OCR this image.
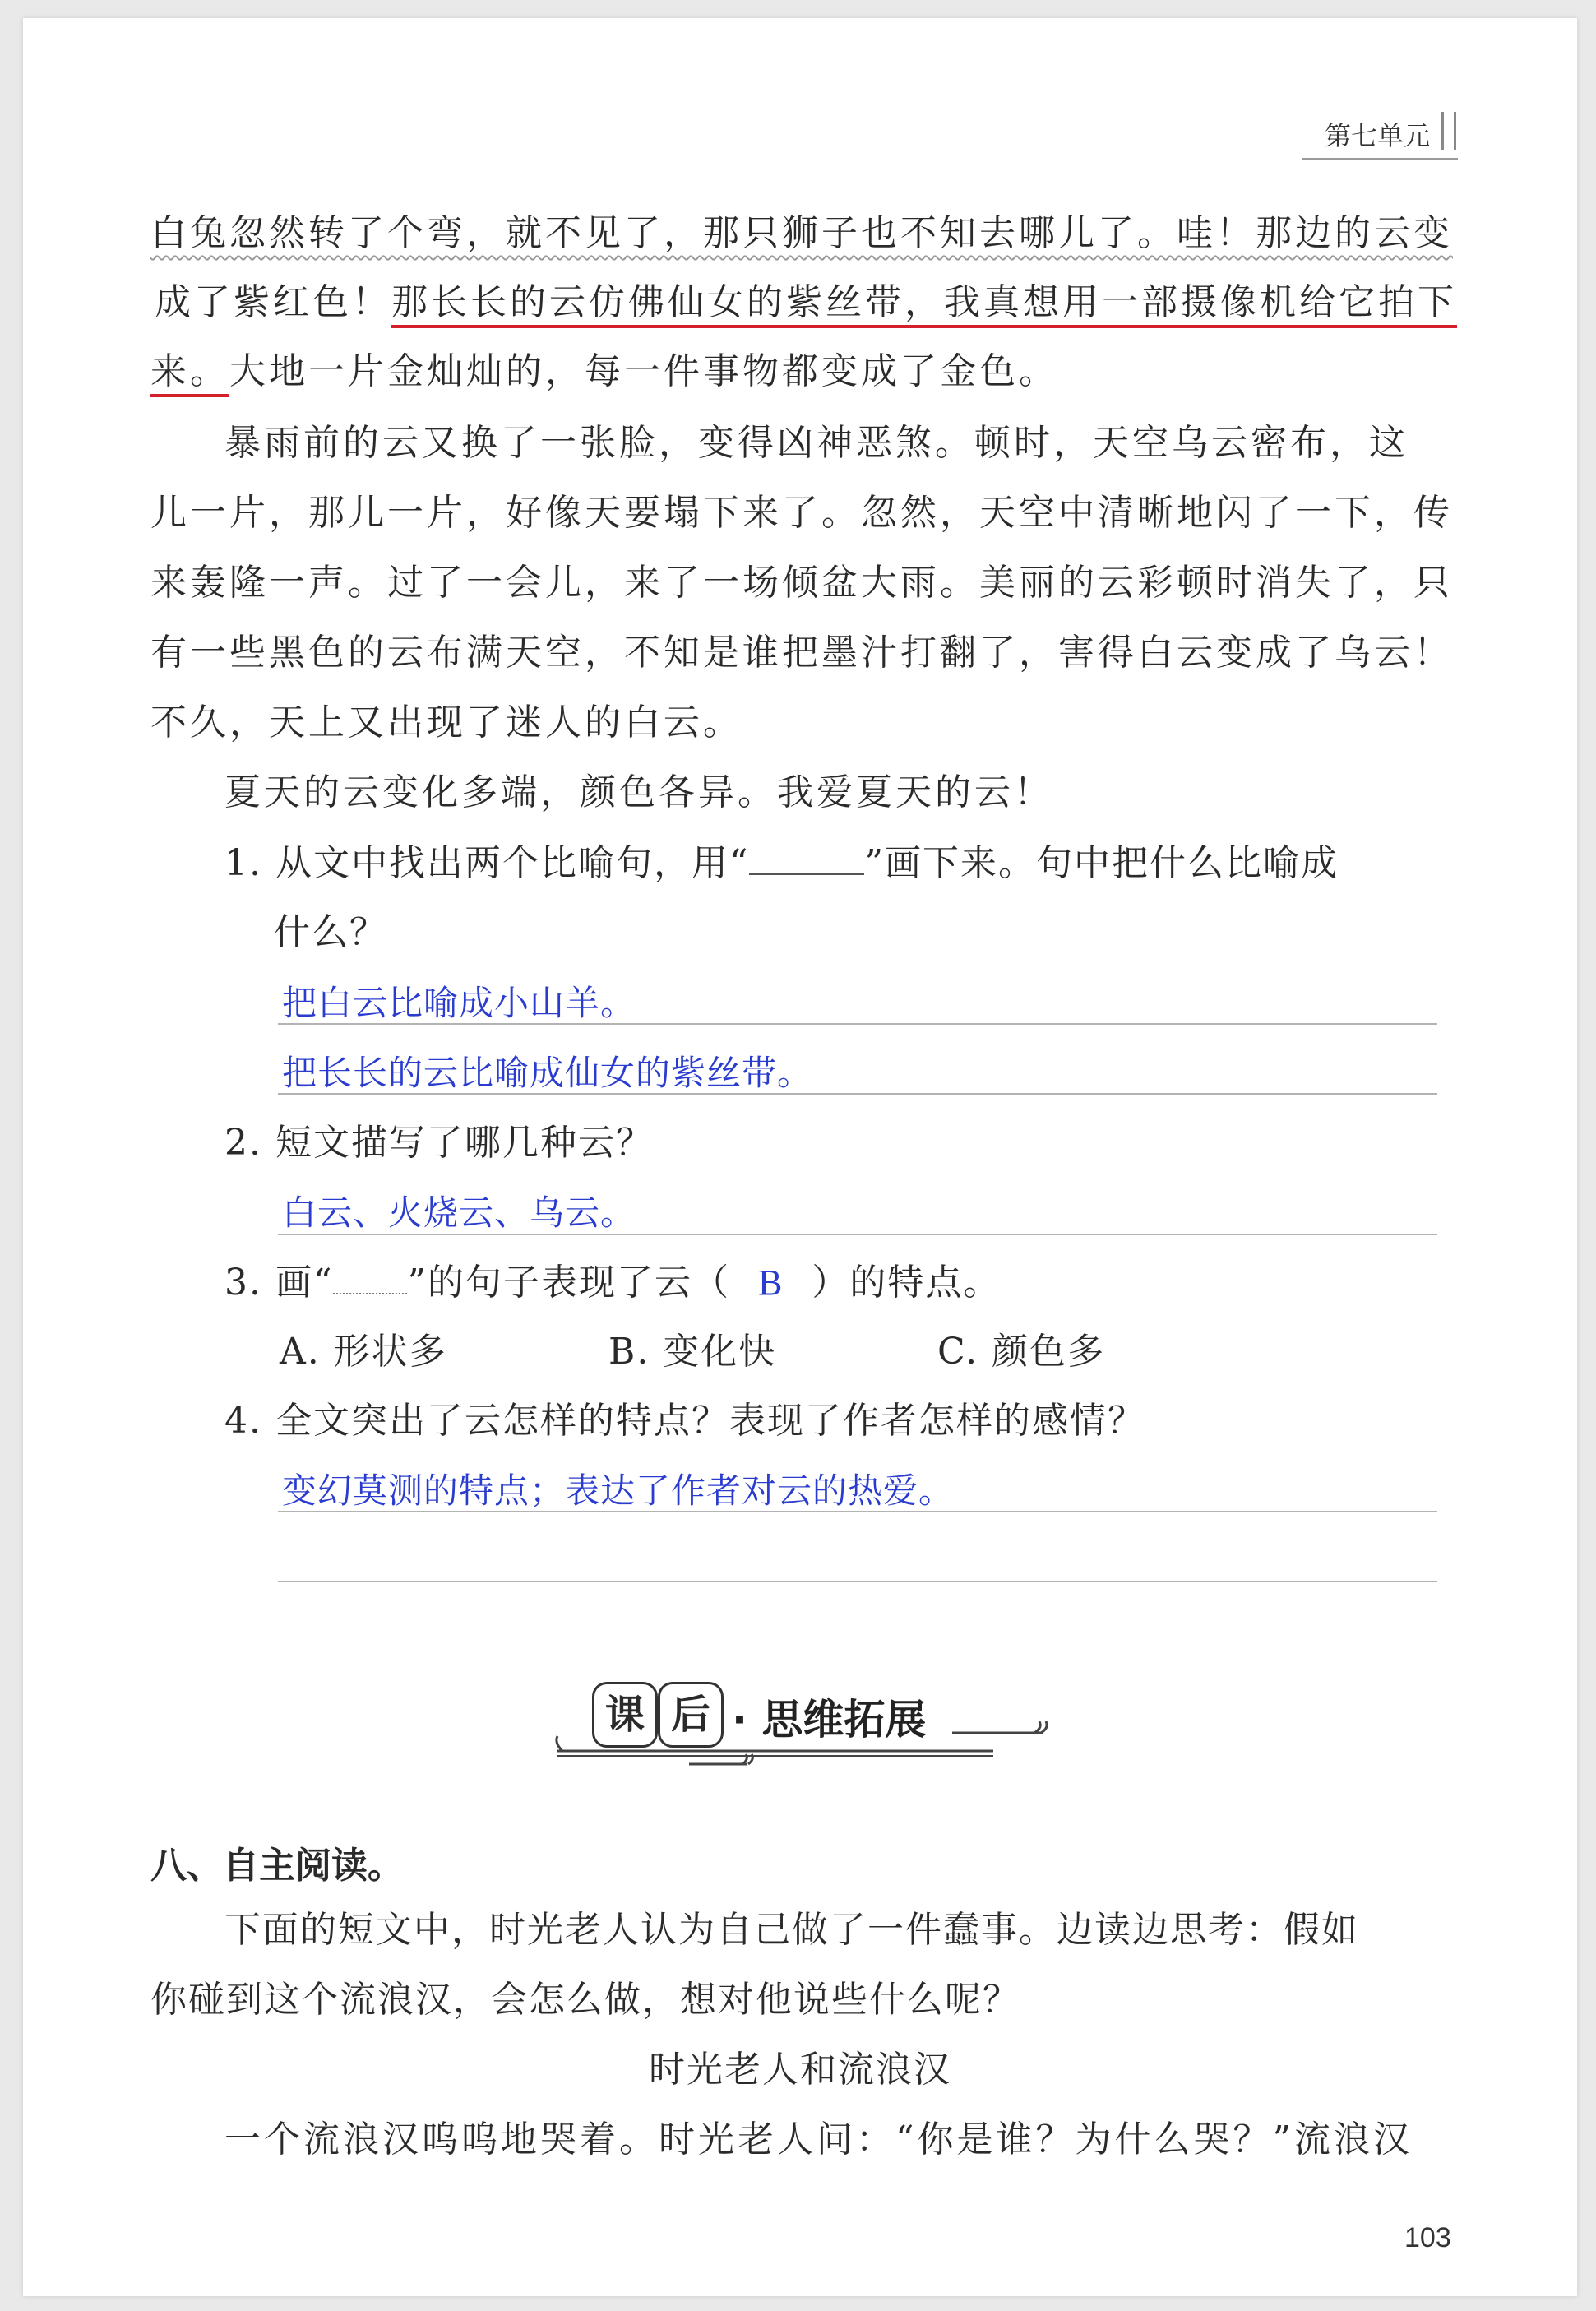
第七单元
白兔忽然转了个弯，就不见了，那只狮子也不知去哪儿了。哇！那边的云变
成了紫红色！那长长的云仿佛仙女的紫丝带，我真想用一部摄像机给它拍下
来。大地一片金灿灿的，每一件事物都变成了金色。
暴雨前的云又换了一张脸，变得凶神恶煞。顿时，天空乌云密布，这
儿一片，那儿一片，好像天要塌下来了。忽然，天空中清晰地闪了一下，传
来轰隆一声。过了一会儿，来了一场倾盆大雨。美丽的云彩顿时消失了，只
有一些黑色的云布满天空，不知是谁把墨汁打翻了，害得白云变成了乌云！
不久，天上又出现了迷人的白云。
夏天的云变化多端，颜色各异。我爱夏天的云！
1. 从文中找出两个比喻句，用“	”画下来。句中把什么比喻成
什么？
把白云比喻成小山羊。
把长长的云比喻成仙女的紫丝带。
2. 短文描写了哪几种云？
白云、火烧云、乌云。
3. 画“ ”的句子表现了云（ B ）的特点。
A. 形状多	B. 变化快	C. 颜色多
4. 全文突出了云怎样的特点？表现了作者怎样的感情？
变幻莫测的特点；表达了作者对云的热爱。
课 后 · 思维拓展
八、自主阅读。
下面的短文中，时光老人认为自己做了一件蠢事。边读边思考：假如
你碰到这个流浪汉，会怎么做，想对他说些什么呢？
时光老人和流浪汉
一个流浪汉呜呜地哭着。时光老人问：“你是谁？为什么哭？”流浪汉
103
